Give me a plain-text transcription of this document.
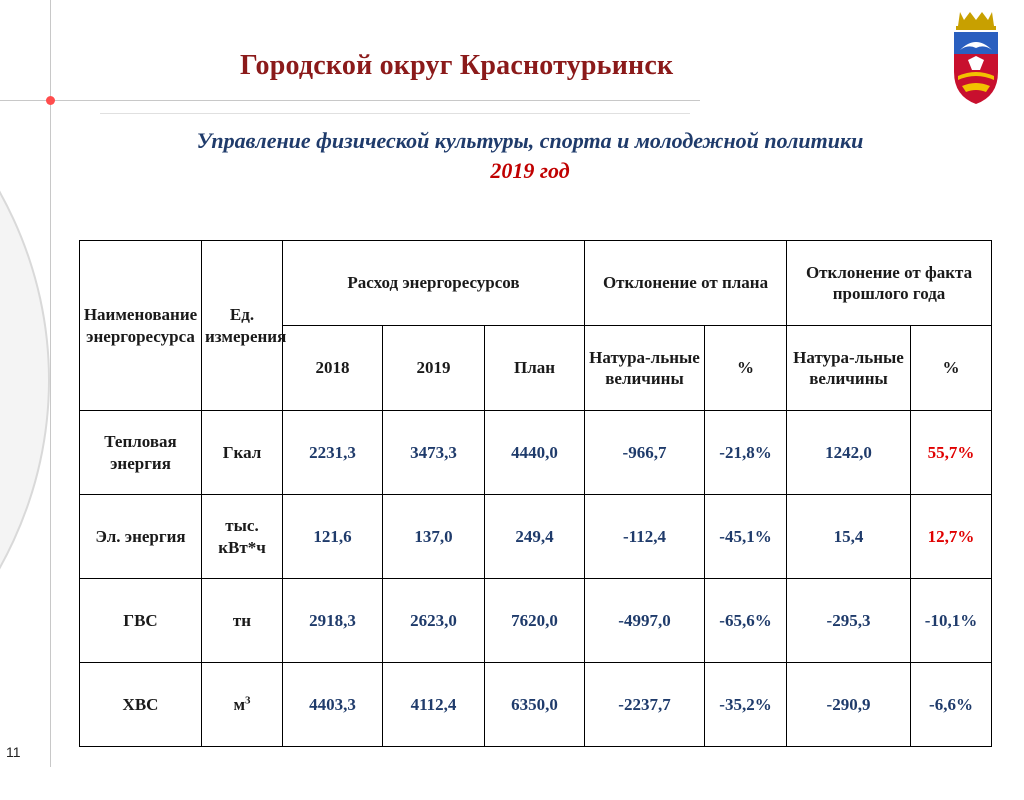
Городской округ Краснотурьинск
Управление физической культуры, спорта и молодежной политики
2019 год
Наименование энергоресурса	Ед. измерения	Расход энергоресурсов			Отклонение от плана		Отклонение от факта прошлого года	
		2018	2019	План	Натура-льные величины	%	Натура-льные величины	%
Тепловая энергия	Гкал	2231,3	3473,3	4440,0	-966,7	-21,8%	1242,0	55,7%
Эл. энергия	тыс. кВт*ч	121,6	137,0	249,4	-112,4	-45,1%	15,4	12,7%
ГВС	тн	2918,3	2623,0	7620,0	-4997,0	-65,6%	-295,3	-10,1%
ХВС	$м^3$	4403,3	4112,4	6350,0	-2237,7	-35,2%	-290,9	-6,6%
11
